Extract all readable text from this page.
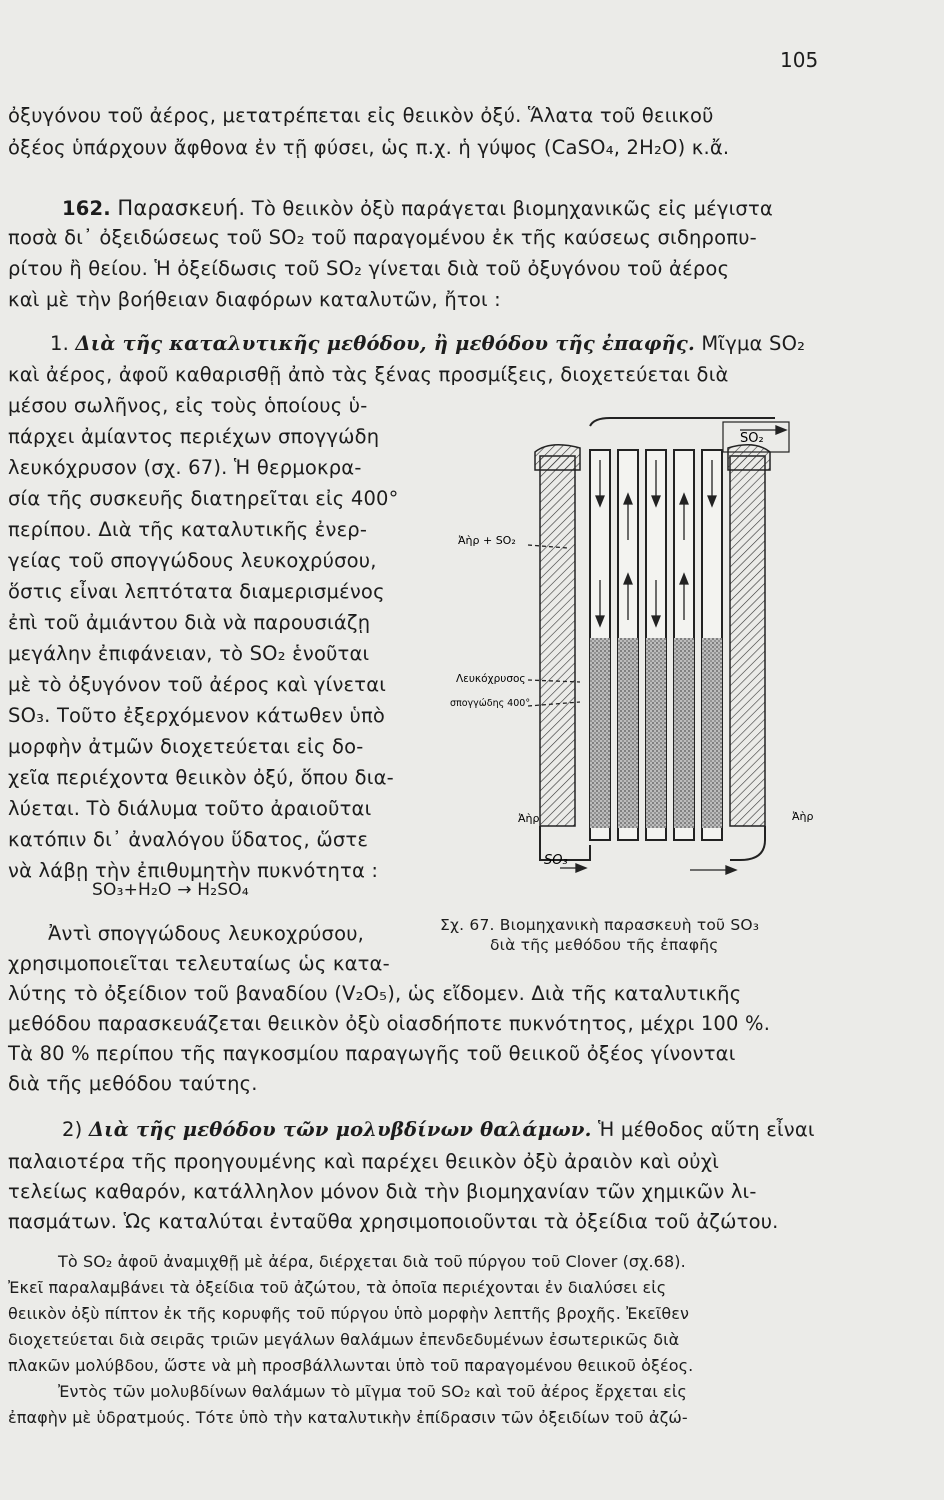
105
ὀξυγόνου τοῦ ἀέρος, μετατρέπεται εἰς θειικὸν ὀξύ. Ἅλατα τοῦ θειικοῦ
ὀξέος ὑπάρχουν ἄφθονα ἐν τῇ φύσει, ὡς π.χ. ἡ γύψος (CaSO₄, 2H₂O) κ.ἄ.
162. Παρασκευή. Τὸ θειικὸν ὀξὺ παράγεται βιομηχανικῶς εἰς μέγιστα
ποσὰ δι᾽ ὀξειδώσεως τοῦ SO₂ τοῦ παραγομένου ἐκ τῆς καύσεως σιδηροπυ-
ρίτου ἢ θείου. Ἡ ὀξείδωσις τοῦ SO₂ γίνεται διὰ τοῦ ὀξυγόνου τοῦ ἀέρος
καὶ μὲ τὴν βοήθειαν διαφόρων καταλυτῶν, ἤτοι :
1. Διὰ τῆς καταλυτικῆς μεθόδου, ἢ μεθόδου τῆς ἐπαφῆς. Μῖγμα SO₂
καὶ ἀέρος, ἀφοῦ καθαρισθῇ ἀπὸ τὰς ξένας προσμίξεις, διοχετεύεται διὰ
μέσου σωλῆνος, εἰς τοὺς ὁποίους ὑ-
πάρχει ἀμίαντος περιέχων σπογγώδη
λευκόχρυσον (σχ. 67). Ἡ θερμοκρα-
σία τῆς συσκευῆς διατηρεῖται εἰς 400°
περίπου. Διὰ τῆς καταλυτικῆς ἐνερ-
γείας τοῦ σπογγώδους λευκοχρύσου,
ὅστις εἶναι λεπτότατα διαμερισμένος
ἐπὶ τοῦ ἀμιάντου διὰ νὰ παρουσιάζῃ
μεγάλην ἐπιφάνειαν, τὸ SO₂ ἑνοῦται
μὲ τὸ ὀξυγόνον τοῦ ἀέρος καὶ γίνεται
SO₃. Τοῦτο ἐξερχόμενον κάτωθεν ὑπὸ
μορφὴν ἀτμῶν διοχετεύεται εἰς δο-
χεῖα περιέχοντα θειικὸν ὀξύ, ὅπου δια-
λύεται. Τὸ διάλυμα τοῦτο ἀραιοῦται
κατόπιν δι᾽ ἀναλόγου ὕδατος, ὥστε
νὰ λάβῃ τὴν ἐπιθυμητὴν πυκνότητα :
SO₃+H₂O → H₂SO₄
Ἀντὶ σπογγώδους λευκοχρύσου,
χρησιμοποιεῖται τελευταίως ὡς κατα-
λύτης τὸ ὀξείδιον τοῦ βαναδίου (V₂O₅), ὡς εἴδομεν. Διὰ τῆς καταλυτικῆς
μεθόδου παρασκευάζεται θειικὸν ὀξὺ οἱασδήποτε πυκνότητος, μέχρι 100 %.
Τὰ 80 % περίπου τῆς παγκοσμίου παραγωγῆς τοῦ θειικοῦ ὀξέος γίνονται
διὰ τῆς μεθόδου ταύτης.
Σχ. 67. Βιομηχανικὴ παρασκευὴ τοῦ SO₃
διὰ τῆς μεθόδου τῆς ἐπαφῆς
2) Διὰ τῆς μεθόδου τῶν μολυβδίνων θαλάμων. Ἡ μέθοδος αὕτη εἶναι
παλαιοτέρα τῆς προηγουμένης καὶ παρέχει θειικὸν ὀξὺ ἀραιὸν καὶ οὐχὶ
τελείως καθαρόν, κατάλληλον μόνον διὰ τὴν βιομηχανίαν τῶν χημικῶν λι-
πασμάτων. Ὡς καταλύται ἐνταῦθα χρησιμοποιοῦνται τὰ ὀξείδια τοῦ ἀζώτου.
Τὸ SO₂ ἀφοῦ ἀναμιχθῇ μὲ ἀέρα, διέρχεται διὰ τοῦ πύργου τοῦ Clover (σχ.68).
Ἐκεῖ παραλαμβάνει τὰ ὀξείδια τοῦ ἀζώτου, τὰ ὁποῖα περιέχονται ἐν διαλύσει εἰς
θειικὸν ὀξὺ πίπτον ἐκ τῆς κορυφῆς τοῦ πύργου ὑπὸ μορφὴν λεπτῆς βροχῆς. Ἐκεῖθεν
διοχετεύεται διὰ σειρᾶς τριῶν μεγάλων θαλάμων ἐπενδεδυμένων ἐσωτερικῶς διὰ
πλακῶν μολύβδου, ὥστε νὰ μὴ προσβάλλωνται ὑπὸ τοῦ παραγομένου θειικοῦ ὀξέος.
Ἐντὸς τῶν μολυβδίνων θαλάμων τὸ μῖγμα τοῦ SO₂ καὶ τοῦ ἀέρος ἔρχεται εἰς
ἐπαφὴν μὲ ὑδρατμούς. Τότε ὑπὸ τὴν καταλυτικὴν ἐπίδρασιν τῶν ὀξειδίων τοῦ ἀζώ-
SO₂
Ἀὴρ + SO₂
Λευκόχρυσος
σπογγώδης 400°
Ἀὴρ	Ἀὴρ
SO₃
